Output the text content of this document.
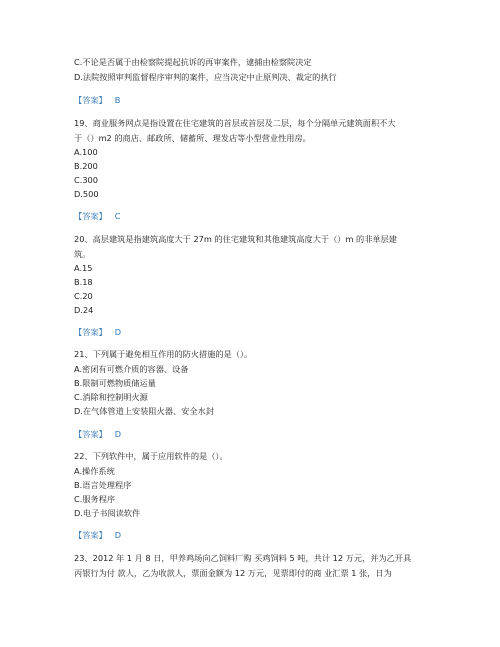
C.不论是否属于由检察院提起抗诉的再审案件，逮捕由检察院决定
D.法院按照审判监督程序审判的案件，应当决定中止原判决、裁定的执行
【答案】 B
19、商业服务网点是指设置在住宅建筑的首层或首层及二层，每个分隔单元建筑面积不大
于（）m2 的商店、邮政所、储蓄所、理发店等小型营业性用房。
A.100
B.200
C.300
D.500
【答案】 C
20、高层建筑是指建筑高度大于 27m 的住宅建筑和其他建筑高度大于（）m 的非单层建
筑。
A.15
B.18
C.20
D.24
【答案】 D
21、下列属于避免相互作用的防火措施的是（）。
A.密闭有可燃介质的容器、设备
B.限制可燃物质储运量
C.消除和控制明火源
D.在气体管道上安装阻火器、安全水封
【答案】 D
22、下列软件中，属于应用软件的是（）。
A.操作系统
B.语言处理程序
C.服务程序
D.电子书阅读软件
【答案】 D
23、2012 年 1 月 8 日，甲养鸡场向乙饲料厂购 买鸡饲料 5 吨，共计 12 万元，并为乙开具
丙银行为付 款人，乙为收款人，票面金额为 12 万元，见票即付的商 业汇票 1 张，日为
